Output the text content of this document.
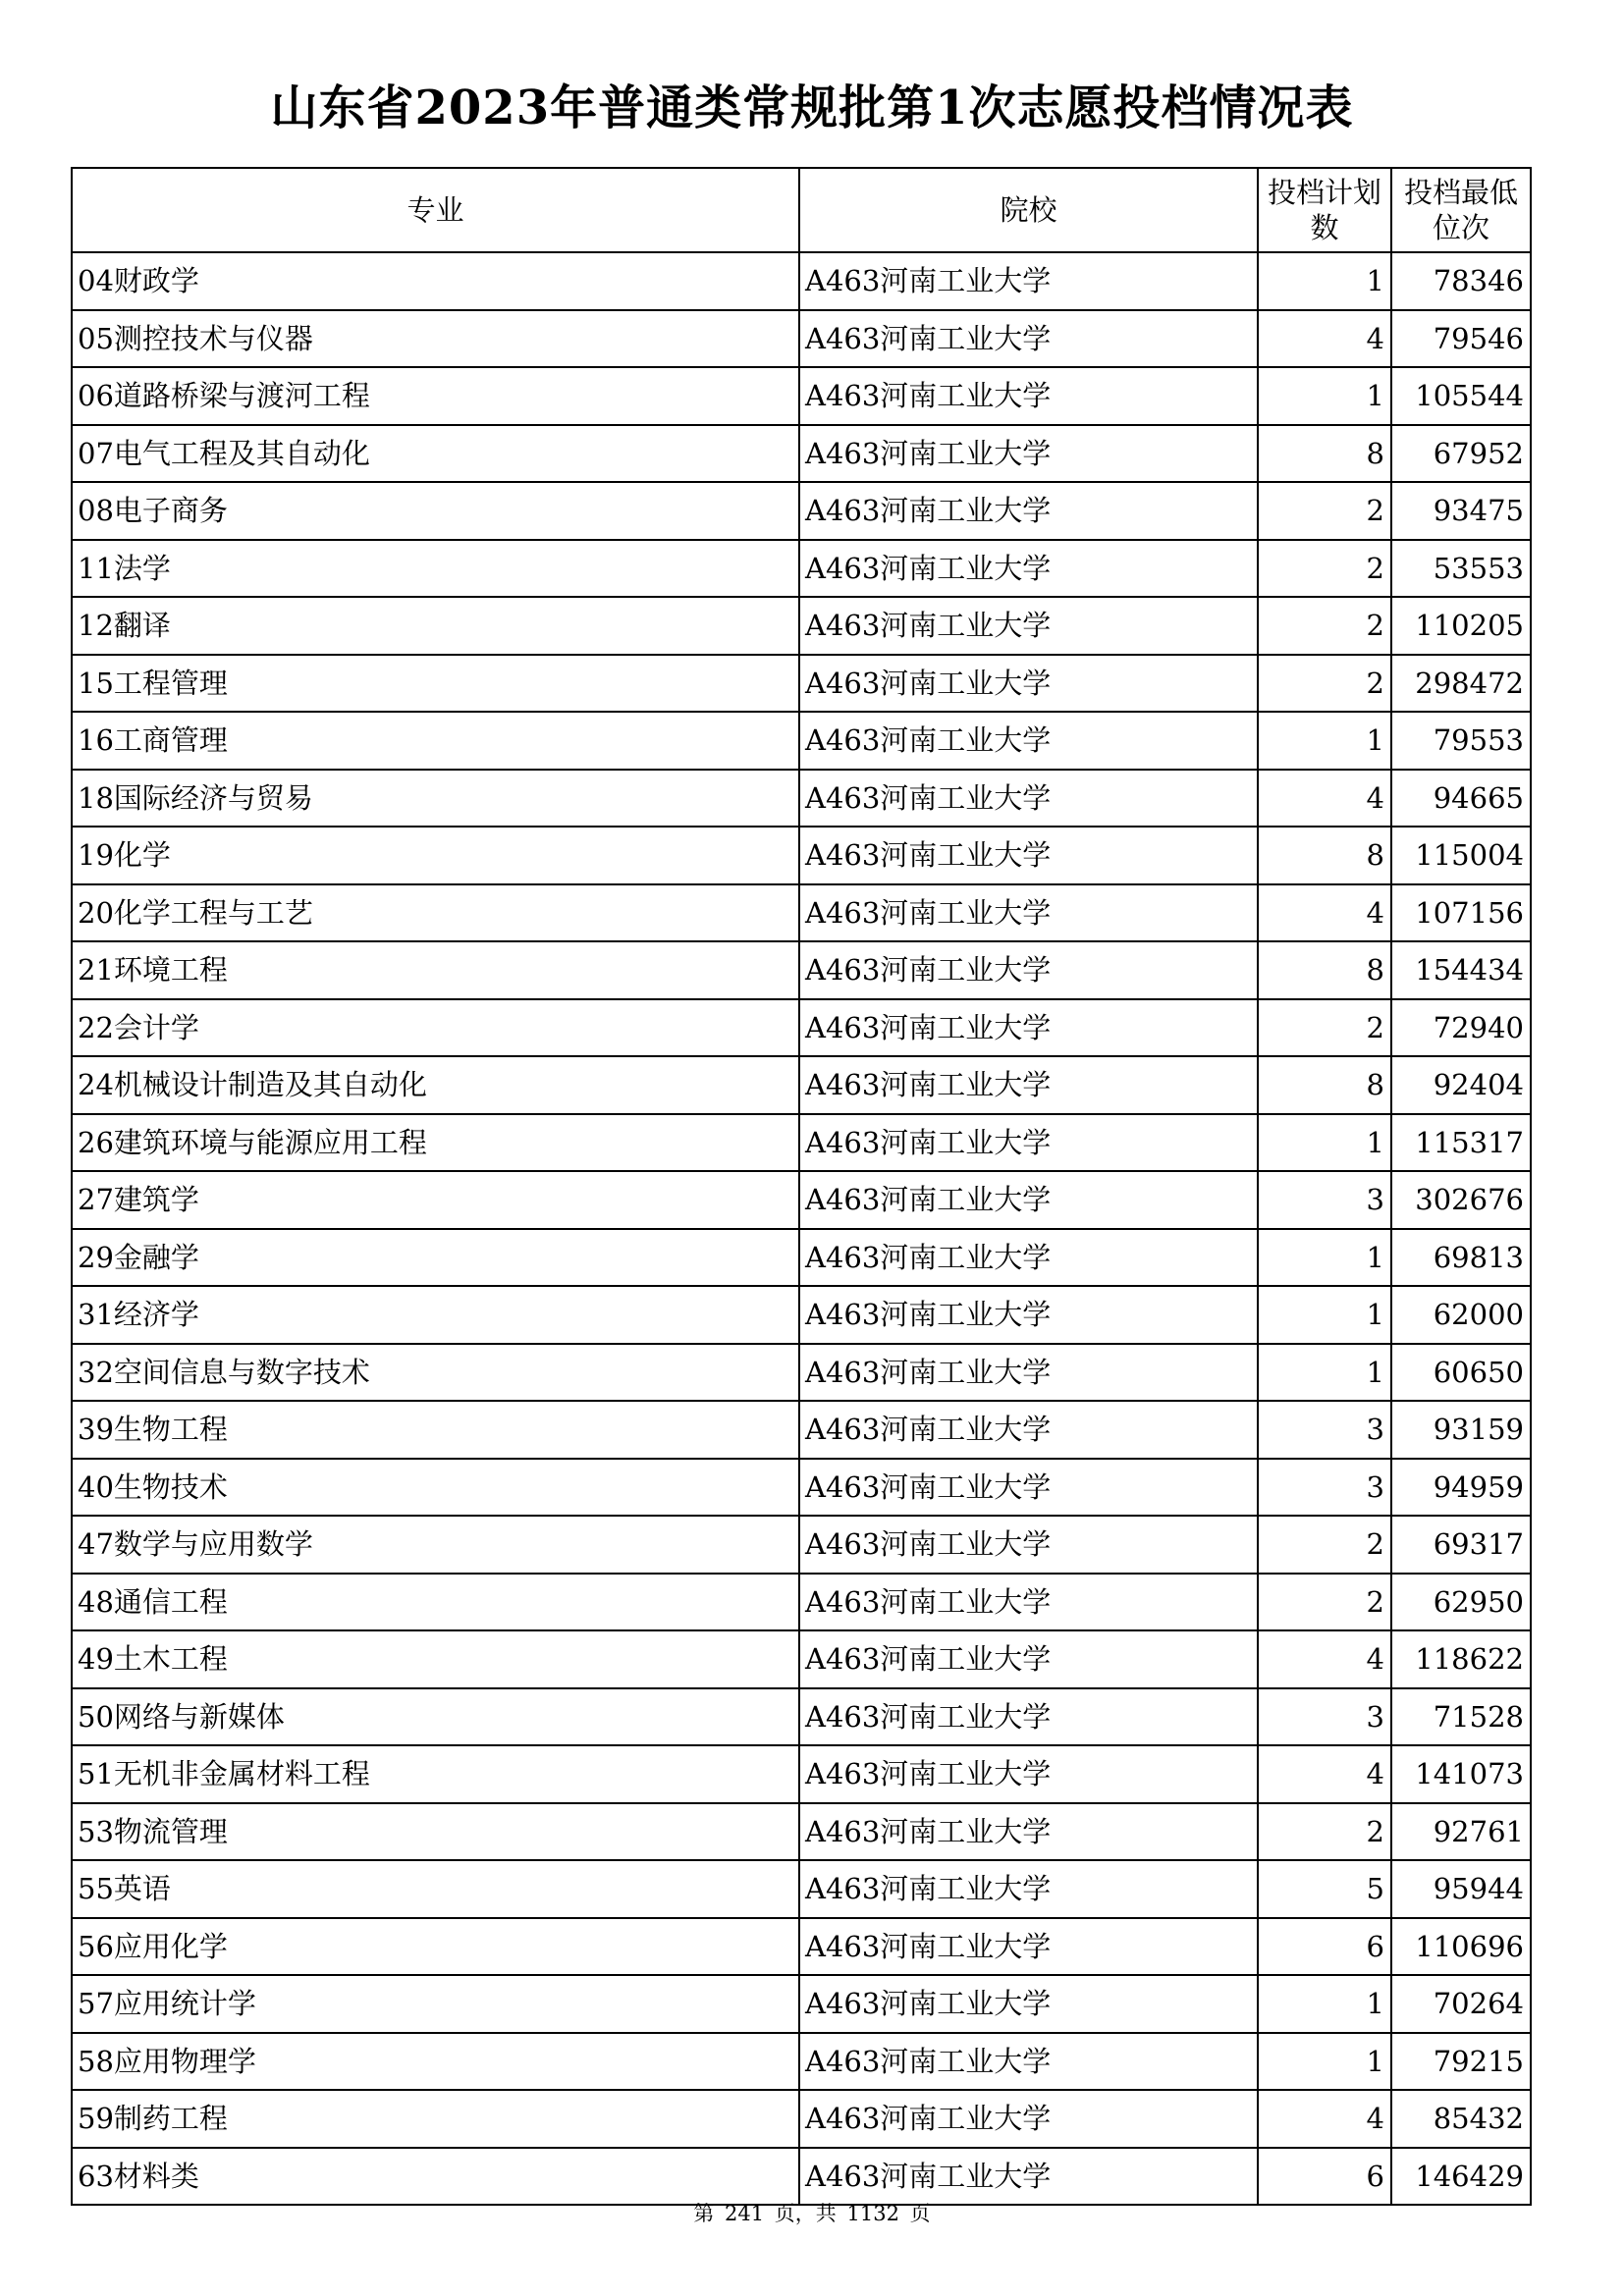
山东省2023年普通类常规批第1次志愿投档情况表
专业	院校	投档计划数	投档最低位次
04财政学	A463河南工业大学	1	78346
05测控技术与仪器	A463河南工业大学	4	79546
06道路桥梁与渡河工程	A463河南工业大学	1	105544
07电气工程及其自动化	A463河南工业大学	8	67952
08电子商务	A463河南工业大学	2	93475
11法学	A463河南工业大学	2	53553
12翻译	A463河南工业大学	2	110205
15工程管理	A463河南工业大学	2	298472
16工商管理	A463河南工业大学	1	79553
18国际经济与贸易	A463河南工业大学	4	94665
19化学	A463河南工业大学	8	115004
20化学工程与工艺	A463河南工业大学	4	107156
21环境工程	A463河南工业大学	8	154434
22会计学	A463河南工业大学	2	72940
24机械设计制造及其自动化	A463河南工业大学	8	92404
26建筑环境与能源应用工程	A463河南工业大学	1	115317
27建筑学	A463河南工业大学	3	302676
29金融学	A463河南工业大学	1	69813
31经济学	A463河南工业大学	1	62000
32空间信息与数字技术	A463河南工业大学	1	60650
39生物工程	A463河南工业大学	3	93159
40生物技术	A463河南工业大学	3	94959
47数学与应用数学	A463河南工业大学	2	69317
48通信工程	A463河南工业大学	2	62950
49土木工程	A463河南工业大学	4	118622
50网络与新媒体	A463河南工业大学	3	71528
51无机非金属材料工程	A463河南工业大学	4	141073
53物流管理	A463河南工业大学	2	92761
55英语	A463河南工业大学	5	95944
56应用化学	A463河南工业大学	6	110696
57应用统计学	A463河南工业大学	1	70264
58应用物理学	A463河南工业大学	1	79215
59制药工程	A463河南工业大学	4	85432
63材料类	A463河南工业大学	6	146429
第 241 页，共 1132 页
